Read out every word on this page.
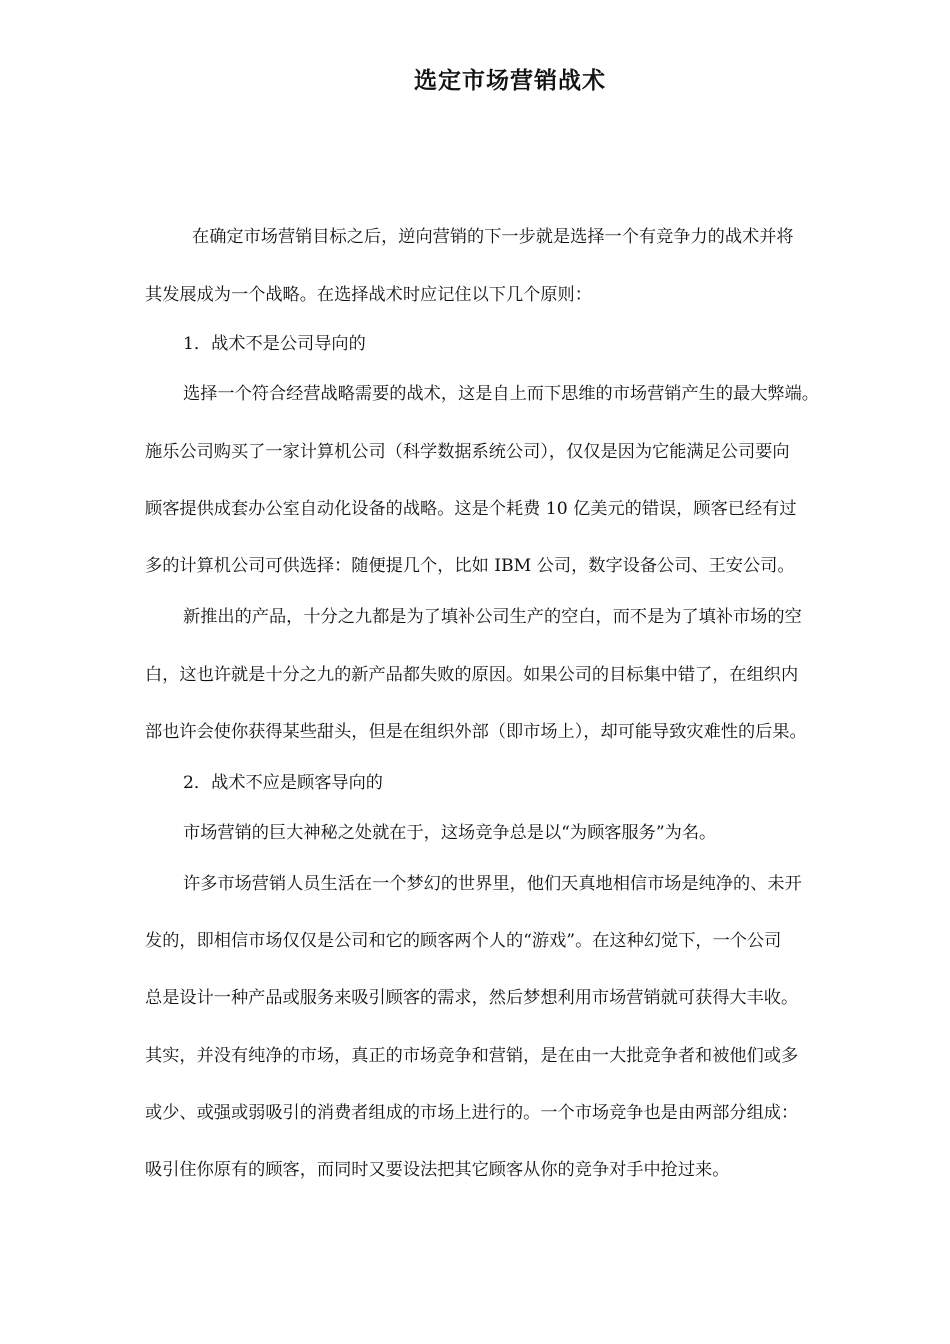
选定市场营销战术
在确定市场营销目标之后，逆向营销的下一步就是选择一个有竞争力的战术并将
其发展成为一个战略。在选择战术时应记住以下几个原则：
1．战术不是公司导向的
选择一个符合经营战略需要的战术，这是自上而下思维的市场营销产生的最大弊端。
施乐公司购买了一家计算机公司（科学数据系统公司），仅仅是因为它能满足公司要向
顾客提供成套办公室自动化设备的战略。这是个耗费 10 亿美元的错误，顾客已经有过
多的计算机公司可供选择：随便提几个，比如 IBM 公司，数字设备公司、王安公司。
新推出的产品，十分之九都是为了填补公司生产的空白，而不是为了填补市场的空
白，这也许就是十分之九的新产品都失败的原因。如果公司的目标集中错了，在组织内
部也许会使你获得某些甜头，但是在组织外部（即市场上），却可能导致灾难性的后果。
2．战术不应是顾客导向的
市场营销的巨大神秘之处就在于，这场竞争总是以“为顾客服务”为名。
许多市场营销人员生活在一个梦幻的世界里，他们天真地相信市场是纯净的、未开
发的，即相信市场仅仅是公司和它的顾客两个人的“游戏”。在这种幻觉下，一个公司
总是设计一种产品或服务来吸引顾客的需求，然后梦想利用市场营销就可获得大丰收。
其实，并没有纯净的市场，真正的市场竞争和营销，是在由一大批竞争者和被他们或多
或少、或强或弱吸引的消费者组成的市场上进行的。一个市场竞争也是由两部分组成：
吸引住你原有的顾客，而同时又要设法把其它顾客从你的竞争对手中抢过来。
